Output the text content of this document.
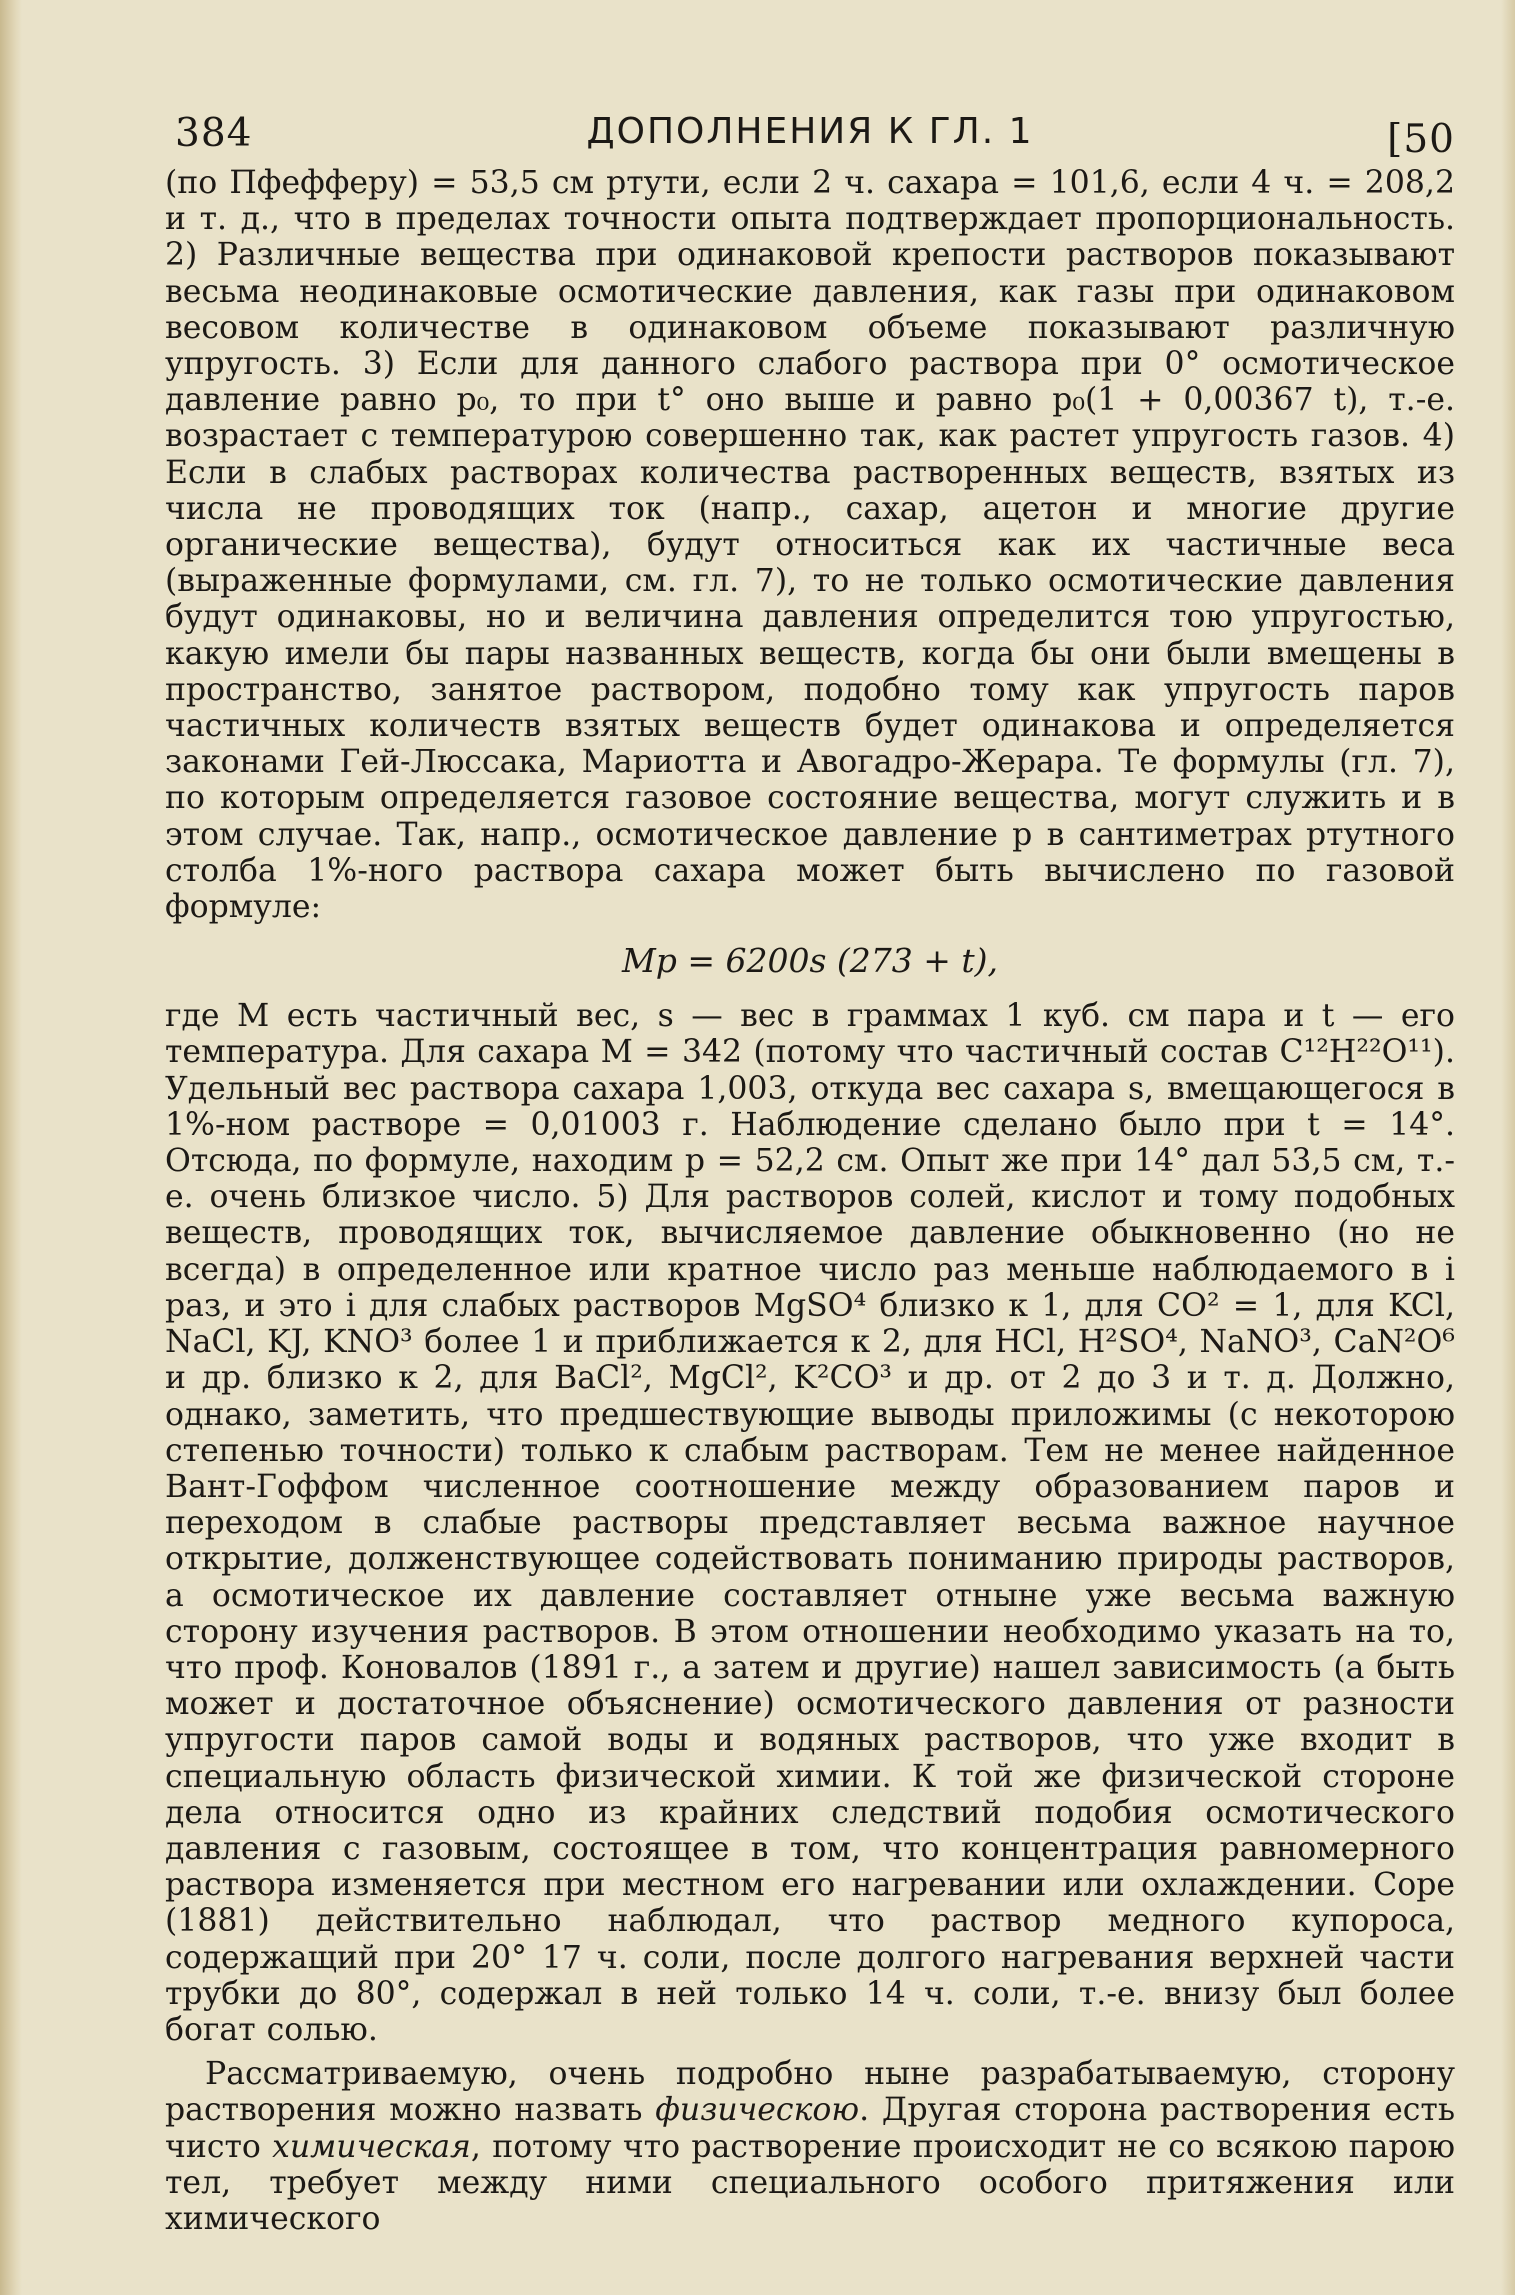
384	ДОПОЛНЕНИЯ К ГЛ. 1	[50

(по Пфефферу) = 53,5 см ртути, если 2 ч. сахара = 101,6, если 4 ч. = 208,2 и т. д., что в пределах точности опыта подтверждает пропорциональность. 2) Различные вещества при одинаковой крепости растворов показывают весьма неодинаковые осмотические давления, как газы при одинаковом весовом количестве в одинаковом объеме показывают различную упругость. 3) Если для данного слабого раствора при 0° осмотическое давление равно p₀, то при t° оно выше и равно p₀(1 + 0,00367 t), т.-е. возрастает с температурою совершенно так, как растет упругость газов. 4) Если в слабых растворах количества растворенных веществ, взятых из числа не проводящих ток (напр., сахар, ацетон и многие другие органические вещества), будут относиться как их частичные веса (выраженные формулами, см. гл. 7), то не только осмотические давления будут одинаковы, но и величина давления определится тою упругостью, какую имели бы пары названных веществ, когда бы они были вмещены в пространство, занятое раствором, подобно тому как упругость паров частичных количеств взятых веществ будет одинакова и определяется законами Гей-Люссака, Мариотта и Авогадро-Жерара. Те формулы (гл. 7), по которым определяется газовое состояние вещества, могут служить и в этом случае. Так, напр., осмотическое давление p в сантиметрах ртутного столба 1%-ного раствора сахара может быть вычислено по газовой формуле:

Mp = 6200s (273 + t),

где M есть частичный вес, s — вес в граммах 1 куб. см пара и t — его температура. Для сахара M = 342 (потому что частичный состав C¹²H²²O¹¹). Удельный вес раствора сахара 1,003, откуда вес сахара s, вмещающегося в 1%-ном растворе = 0,01003 г. Наблюдение сделано было при t = 14°. Отсюда, по формуле, находим p = 52,2 см. Опыт же при 14° дал 53,5 см, т.-е. очень близкое число. 5) Для растворов солей, кислот и тому подобных веществ, проводящих ток, вычисляемое давление обыкновенно (но не всегда) в определенное или кратное число раз меньше наблюдаемого в i раз, и это i для слабых растворов MgSO⁴ близко к 1, для CO² = 1, для KCl, NaCl, KJ, KNO³ более 1 и приближается к 2, для HCl, H²SO⁴, NaNO³, CaN²O⁶ и др. близко к 2, для BaCl², MgCl², K²CO³ и др. от 2 до 3 и т. д. Должно, однако, заметить, что предшествующие выводы приложимы (с некоторою степенью точности) только к слабым растворам. Тем не менее найденное Вант-Гоффом численное соотношение между образованием паров и переходом в слабые растворы представляет весьма важное научное открытие, долженствующее содействовать пониманию природы растворов, а осмотическое их давление составляет отныне уже весьма важную сторону изучения растворов. В этом отношении необходимо указать на то, что проф. Коновалов (1891 г., а затем и другие) нашел зависимость (а быть может и достаточное объяснение) осмотического давления от разности упругости паров самой воды и водяных растворов, что уже входит в специальную область физической химии. К той же физической стороне дела относится одно из крайних следствий подобия осмотического давления с газовым, состоящее в том, что концентрация равномерного раствора изменяется при местном его нагревании или охлаждении. Соре (1881) действительно наблюдал, что раствор медного купороса, содержащий при 20° 17 ч. соли, после долгого нагревания верхней части трубки до 80°, содержал в ней только 14 ч. соли, т.-е. внизу был более богат солью.

Рассматриваемую, очень подробно ныне разрабатываемую, сторону растворения можно назвать физическою. Другая сторона растворения есть чисто химическая, потому что растворение происходит не со всякою парою тел, требует между ними специального особого притяжения или химического
